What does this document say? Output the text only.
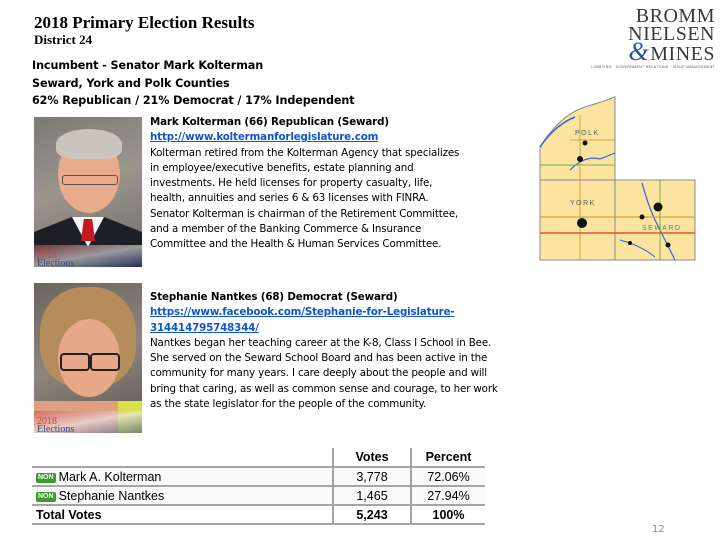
2018 Primary Election Results
District 24
Incumbent - Senator Mark Kolterman
Seward, York and Polk Counties
62% Republican / 21% Democrat / 17% Independent
BROMM
NIELSEN
&MINES
LOBBYING · GOVERNMENT RELATIONS · ISSUE MANAGEMENT
2018
Elections
Mark Kolterman (66) Republican (Seward)
http://www.koltermanforlegislature.com
Kolterman retired from the Kolterman Agency that specializes
in employee/executive benefits, estate planning and
investments. He held licenses for property casualty, life,
health, annuities and series 6 & 63 licenses with FINRA.
Senator Kolterman is chairman of the Retirement Committee,
and a member of the Banking Commerce & Insurance
Committee and the Health & Human Services Committee.
2018
Elections
Stephanie Nantkes (68) Democrat (Seward)
https://www.facebook.com/Stephanie-for-Legislature-
314414795748344/
Nantkes began her teaching career at the K-8, Class I School in Bee.
She served on the Seward School Board and has been active in the
community for many years. I care deeply about the people and will
bring that caring, as well as common sense and courage, to her work
as the state legislator for the people of the community.
POLK
YORK
SEWARD
	Votes	Percent
NON Mark A. Kolterman	3,778	72.06%
NON Stephanie Nantkes	1,465	27.94%
Total Votes	5,243	100%
12
